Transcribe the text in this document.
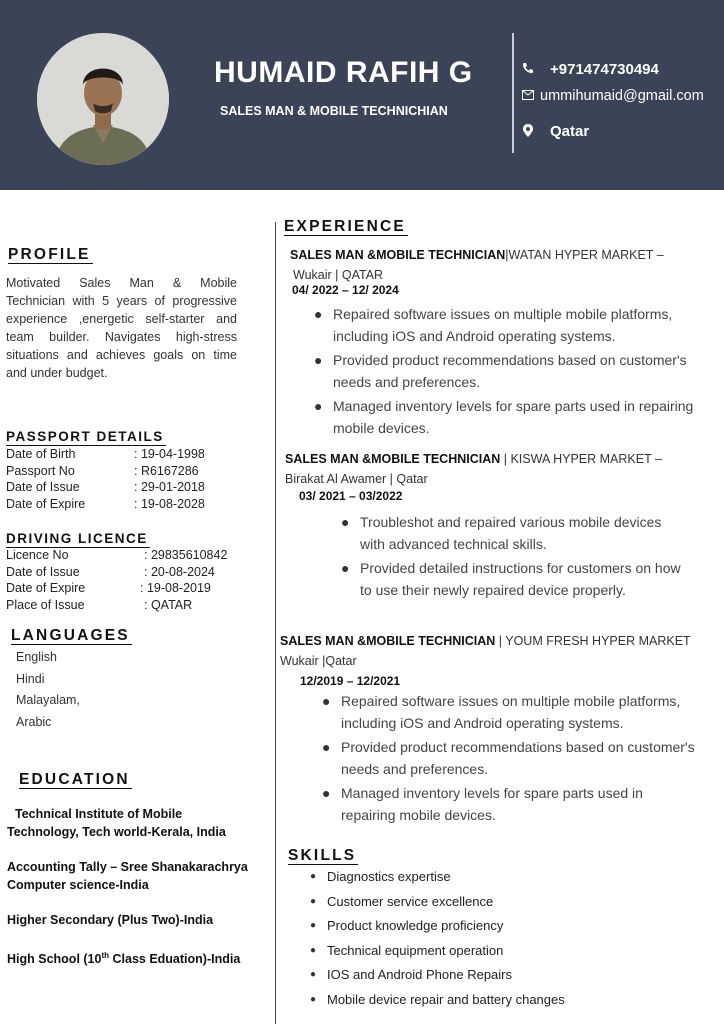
HUMAID RAFIH G
SALES MAN & MOBILE TECHNICHIAN
+971474730494
ummihumaid@gmail.com
Qatar
PROFILE
Motivated Sales Man & Mobile Technician with 5 years of progressive experience ,energetic self-starter and team builder. Navigates high-stress situations and achieves goals on time and under budget.
PASSPORT DETAILS
Date of Birth	: 19-04-1998
Passport No	: R6167286
Date of Issue	: 29-01-2018
Date of Expire	: 19-08-2028
DRIVING LICENCE
Licence No	: 29835610842
Date of Issue	: 20-08-2024
Date of Expire	: 19-08-2019
Place of Issue	: QATAR
LANGUAGES
English
Hindi
Malayalam,
Arabic
EDUCATION
Technical Institute of Mobile
Technology, Tech world-Kerala, India
Accounting Tally – Sree Shanakarachrya
Computer science-India
Higher Secondary (Plus Two)-India
High School (10th Class Eduation)-India
EXPERIENCE
SALES MAN &MOBILE TECHNICIAN|WATAN HYPER MARKET –
Wukair | QATAR
04/ 2022 – 12/ 2024
● Repaired software issues on multiple mobile platforms, including iOS and Android operating systems.
● Provided product recommendations based on customer's needs and preferences.
● Managed inventory levels for spare parts used in repairing mobile devices.
SALES MAN &MOBILE TECHNICIAN | KISWA HYPER MARKET –
Birakat Al Awamer | Qatar
03/ 2021 – 03/2022
● Troubleshot and repaired various mobile devices with advanced technical skills.
● Provided detailed instructions for customers on how to use their newly repaired device properly.
SALES MAN &MOBILE TECHNICIAN | YOUM FRESH HYPER MARKET
Wukair |Qatar
12/2019 – 12/2021
● Repaired software issues on multiple mobile platforms, including iOS and Android operating systems.
● Provided product recommendations based on customer's needs and preferences.
● Managed inventory levels for spare parts used in repairing mobile devices.
SKILLS
● Diagnostics expertise
● Customer service excellence
● Product knowledge proficiency
● Technical equipment operation
● IOS and Android Phone Repairs
● Mobile device repair and battery changes
